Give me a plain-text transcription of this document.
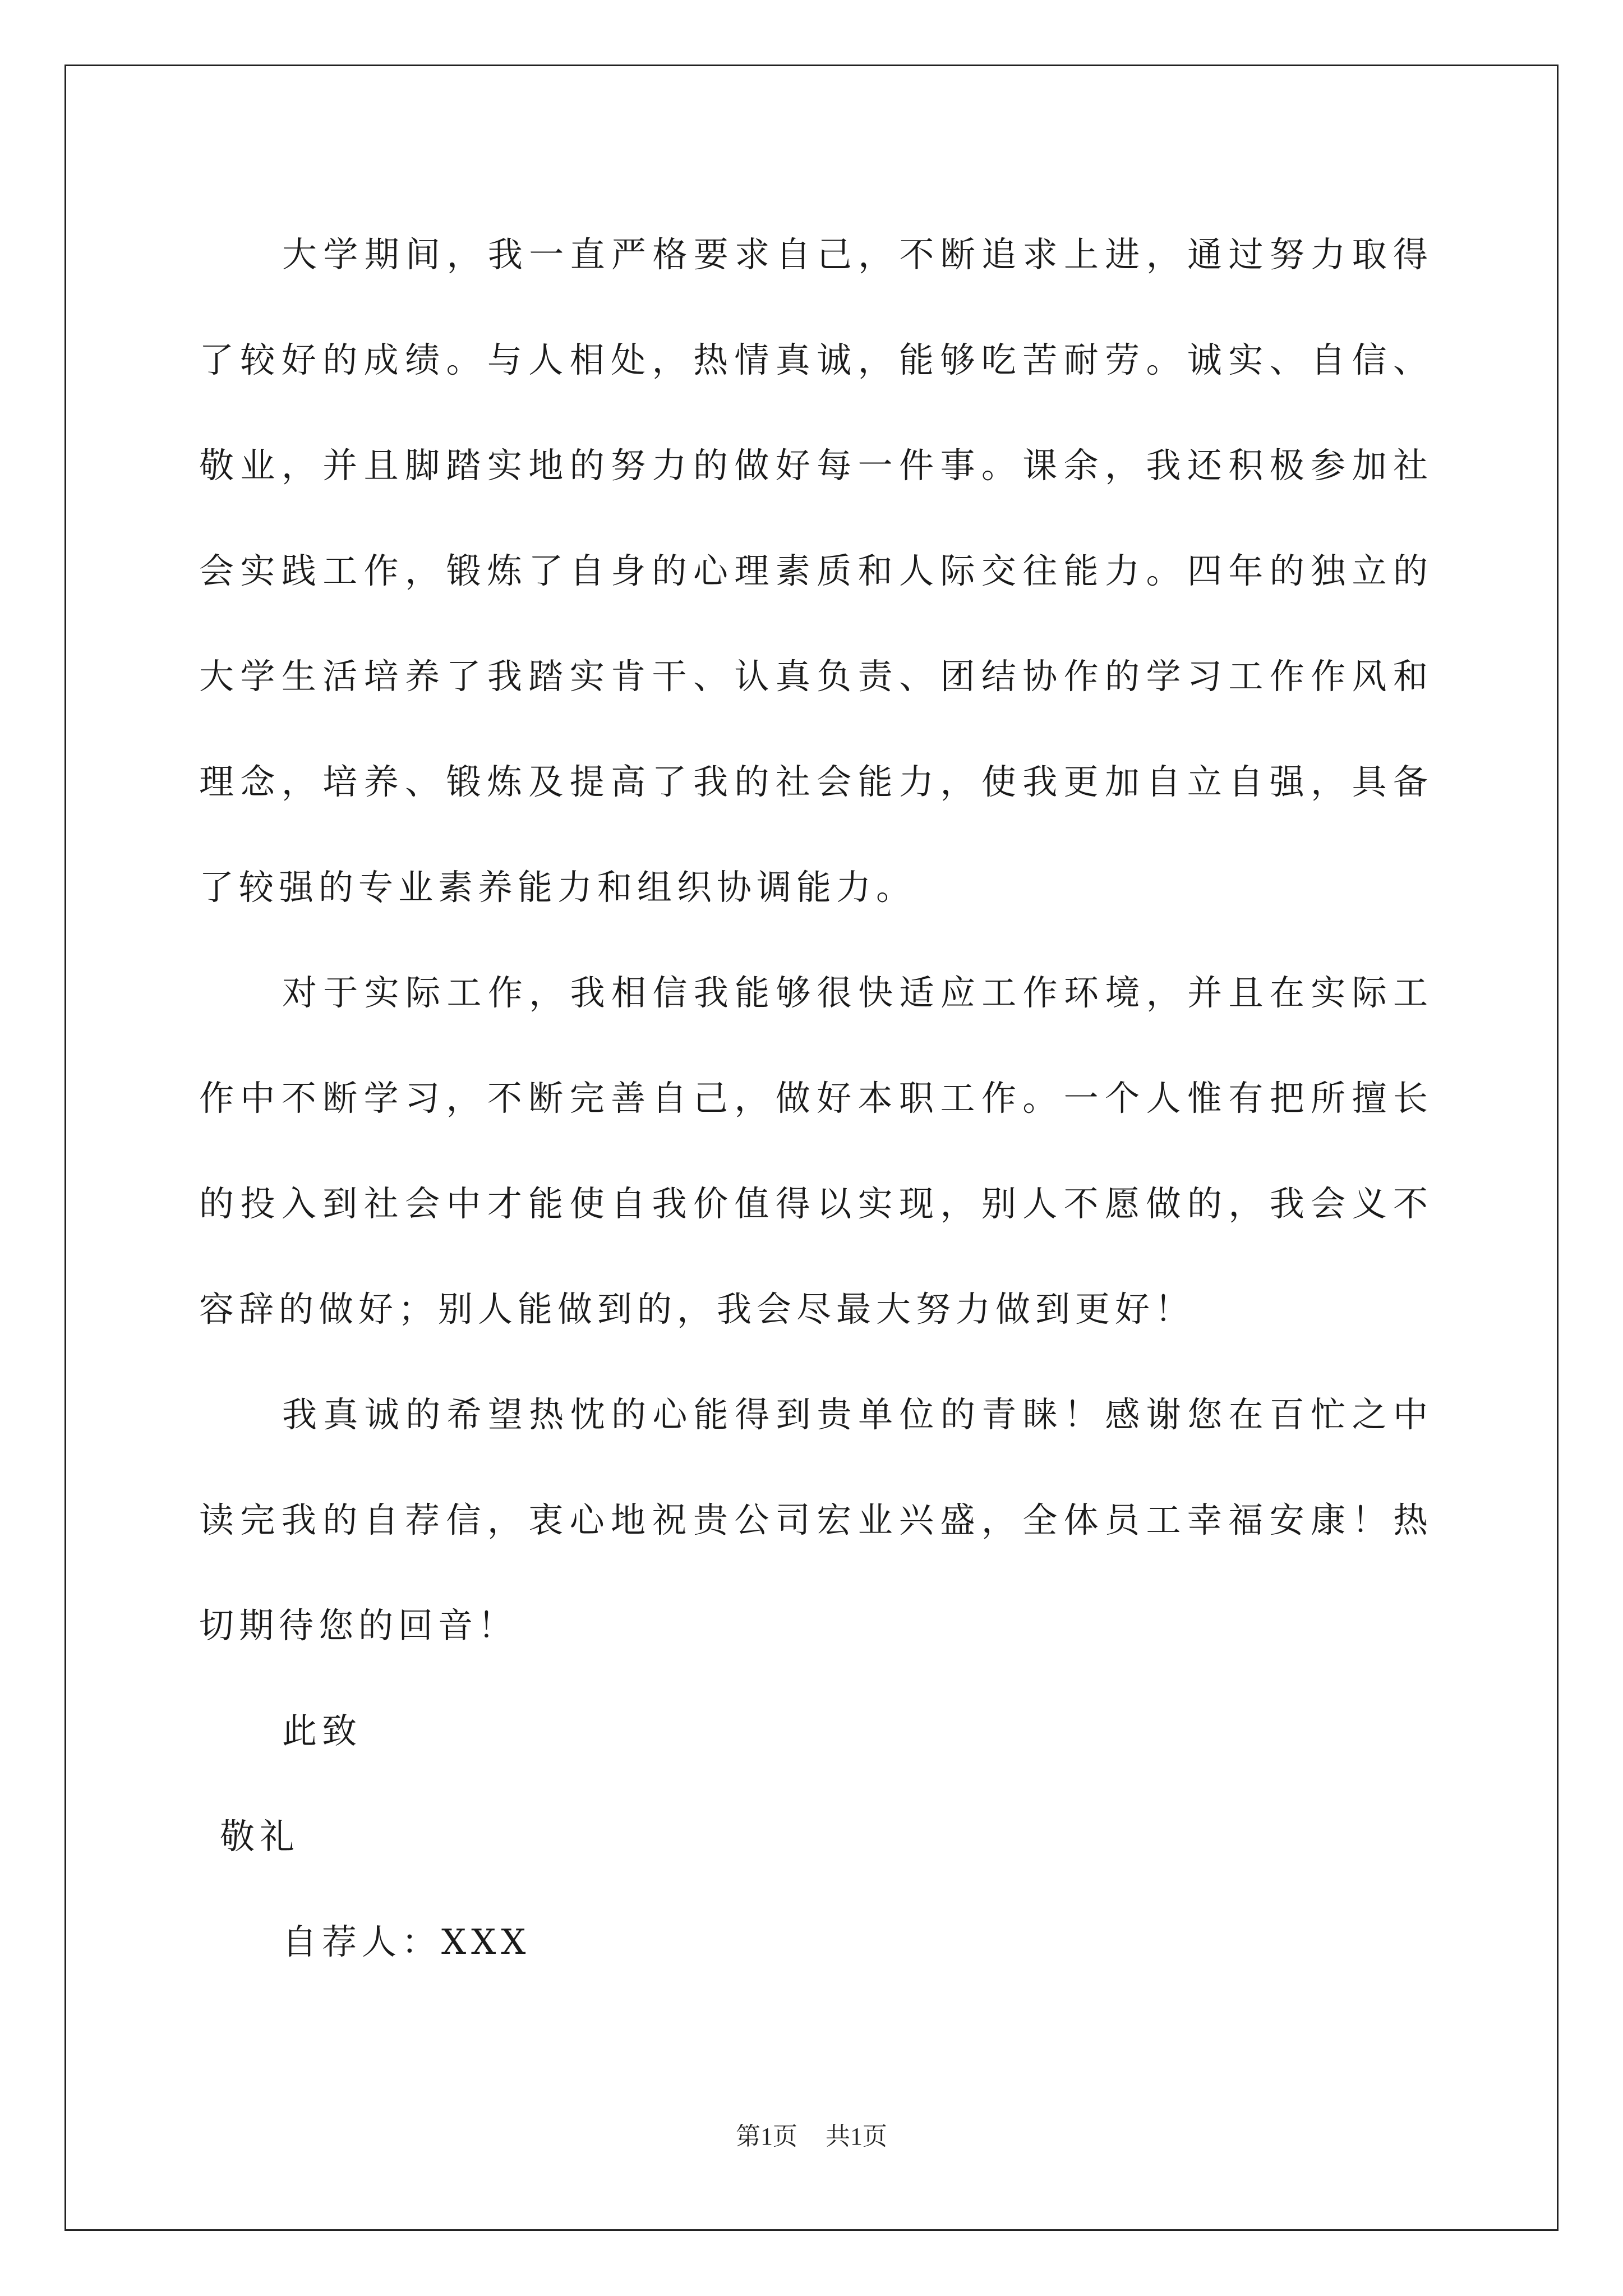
大学期间，我一直严格要求自己，不断追求上进，通过努力取得了较好的成绩。与人相处，热情真诚，能够吃苦耐劳。诚实、自信、敬业，并且脚踏实地的努力的做好每一件事。课余，我还积极参加社会实践工作，锻炼了自身的心理素质和人际交往能力。四年的独立的大学生活培养了我踏实肯干、认真负责、团结协作的学习工作作风和理念，培养、锻炼及提高了我的社会能力，使我更加自立自强，具备了较强的专业素养能力和组织协调能力。

对于实际工作，我相信我能够很快适应工作环境，并且在实际工作中不断学习，不断完善自己，做好本职工作。一个人惟有把所擅长的投入到社会中才能使自我价值得以实现，别人不愿做的，我会义不容辞的做好；别人能做到的，我会尽最大努力做到更好！

我真诚的希望热忱的心能得到贵单位的青睐！感谢您在百忙之中读完我的自荐信，衷心地祝贵公司宏业兴盛，全体员工幸福安康！热切期待您的回音！

此致

敬礼

自荐人：XXX

第1页 共1页
